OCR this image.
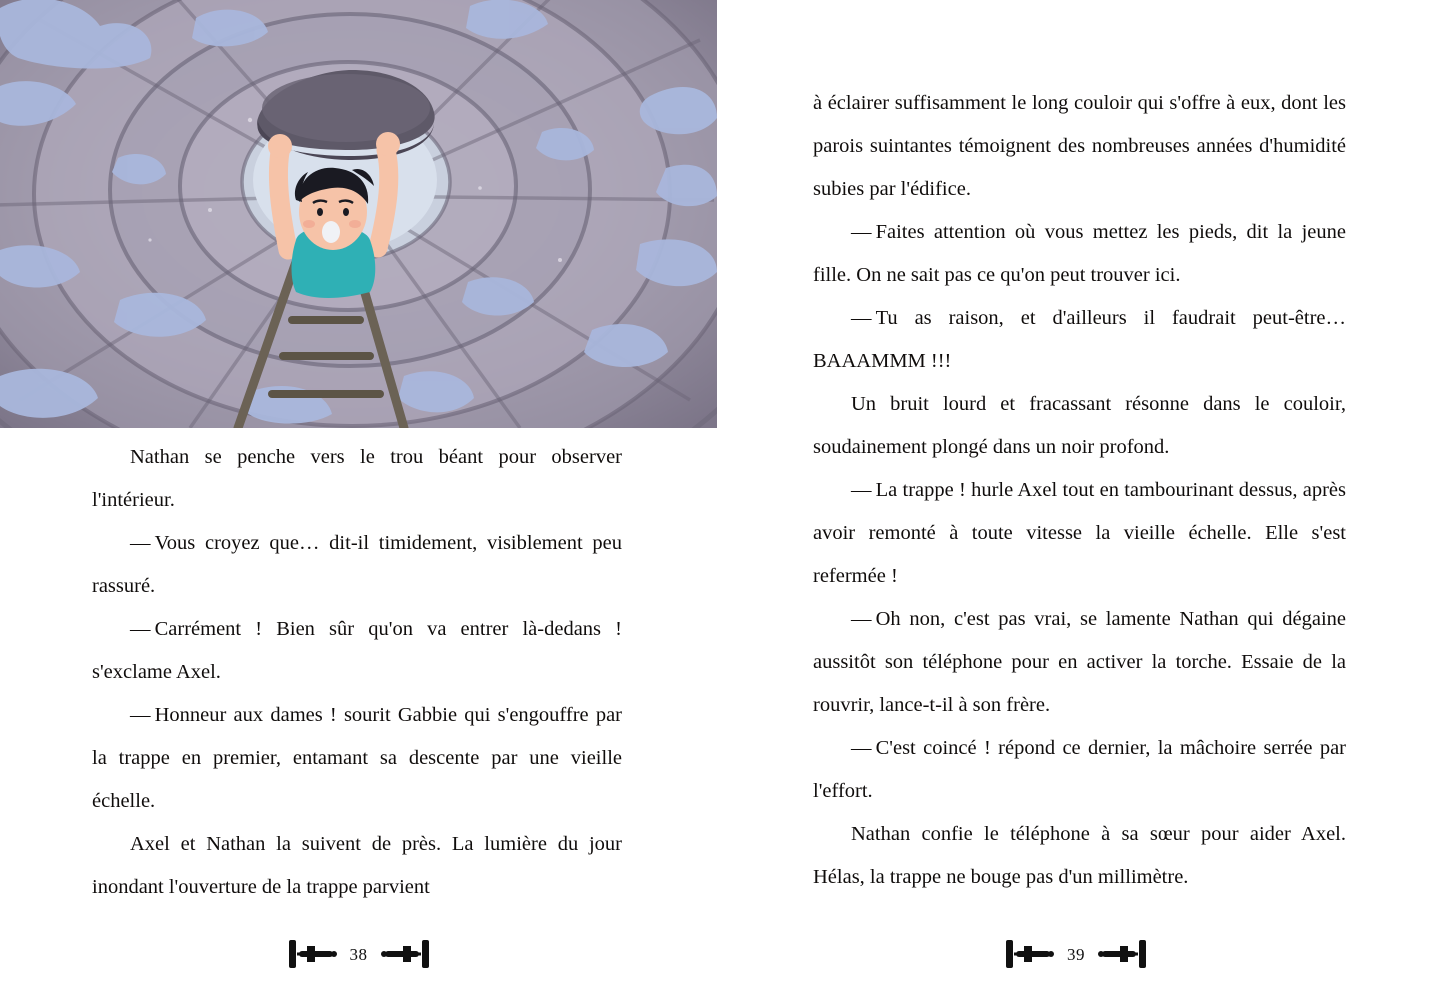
Nathan se penche vers le trou béant pour observer l'intérieur.

— Vous croyez que… dit-il timidement, visiblement peu rassuré.

— Carrément ! Bien sûr qu'on va entrer là-dedans ! s'exclame Axel.

— Honneur aux dames ! sourit Gabbie qui s'engouffre par la trappe en premier, entamant sa descente par une vieille échelle.

Axel et Nathan la suivent de près. La lumière du jour inondant l'ouverture de la trappe parvient

38

à éclairer suffisamment le long couloir qui s'offre à eux, dont les parois suintantes témoignent des nombreuses années d'humidité subies par l'édifice.

— Faites attention où vous mettez les pieds, dit la jeune fille. On ne sait pas ce qu'on peut trouver ici.

— Tu as raison, et d'ailleurs il faudrait peut-être… BAAAMMM !!!

Un bruit lourd et fracassant résonne dans le couloir, soudainement plongé dans un noir profond.

— La trappe ! hurle Axel tout en tambourinant dessus, après avoir remonté à toute vitesse la vieille échelle. Elle s'est refermée !

— Oh non, c'est pas vrai, se lamente Nathan qui dégaine aussitôt son téléphone pour en activer la torche. Essaie de la rouvrir, lance-t-il à son frère.

— C'est coincé ! répond ce dernier, la mâchoire serrée par l'effort.

Nathan confie le téléphone à sa sœur pour aider Axel. Hélas, la trappe ne bouge pas d'un millimètre.

39
